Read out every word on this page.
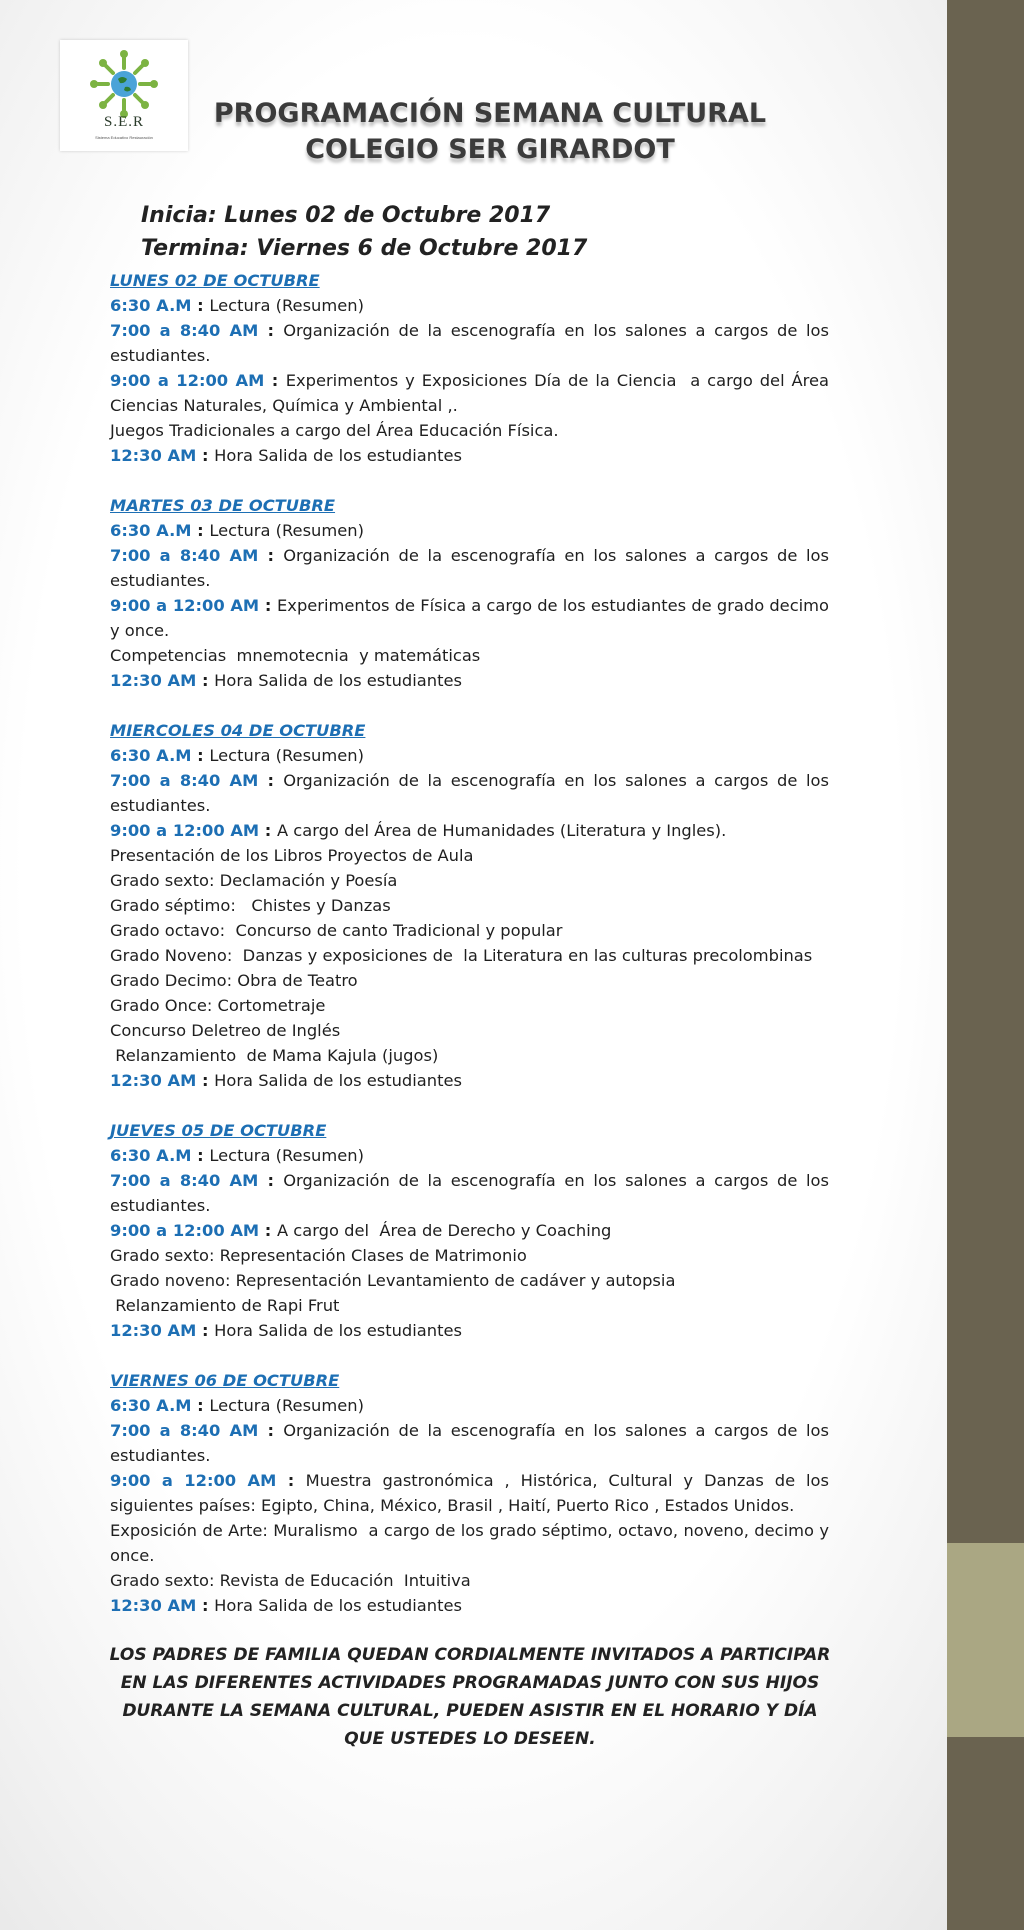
S.E.R
Sistema Educativo Restauración
PROGRAMACIÓN SEMANA CULTURAL
COLEGIO SER GIRARDOT
Inicia: Lunes 02 de Octubre 2017
Termina: Viernes 6 de Octubre 2017
LUNES 02 DE OCTUBRE
6:30 A.M : Lectura (Resumen)
7:00 a 8:40 AM : Organización de la escenografía en los salones a cargos de los estudiantes.
9:00 a 12:00 AM : Experimentos y Exposiciones Día de la Ciencia  a cargo del Área Ciencias Naturales, Química y Ambiental ,.
Juegos Tradicionales a cargo del Área Educación Física.
12:30 AM : Hora Salida de los estudiantes
MARTES 03 DE OCTUBRE
6:30 A.M : Lectura (Resumen)
7:00 a 8:40 AM : Organización de la escenografía en los salones a cargos de los estudiantes.
9:00 a 12:00 AM : Experimentos de Física a cargo de los estudiantes de grado decimo y once.
Competencias  mnemotecnia  y matemáticas
12:30 AM : Hora Salida de los estudiantes
MIERCOLES 04 DE OCTUBRE
6:30 A.M : Lectura (Resumen)
7:00 a 8:40 AM : Organización de la escenografía en los salones a cargos de los estudiantes.
9:00 a 12:00 AM : A cargo del Área de Humanidades (Literatura y Ingles).
Presentación de los Libros Proyectos de Aula
Grado sexto: Declamación y Poesía
Grado séptimo:   Chistes y Danzas
Grado octavo:  Concurso de canto Tradicional y popular
Grado Noveno:  Danzas y exposiciones de  la Literatura en las culturas precolombinas
Grado Decimo: Obra de Teatro
Grado Once: Cortometraje
Concurso Deletreo de Inglés
Relanzamiento  de Mama Kajula (jugos)
12:30 AM : Hora Salida de los estudiantes
JUEVES 05 DE OCTUBRE
6:30 A.M : Lectura (Resumen)
7:00 a 8:40 AM : Organización de la escenografía en los salones a cargos de los estudiantes.
9:00 a 12:00 AM : A cargo del  Área de Derecho y Coaching
Grado sexto: Representación Clases de Matrimonio
Grado noveno: Representación Levantamiento de cadáver y autopsia
Relanzamiento de Rapi Frut
12:30 AM : Hora Salida de los estudiantes
VIERNES 06 DE OCTUBRE
6:30 A.M : Lectura (Resumen)
7:00 a 8:40 AM : Organización de la escenografía en los salones a cargos de los estudiantes.
9:00 a 12:00 AM : Muestra gastronómica , Histórica, Cultural y Danzas de los siguientes países: Egipto, China, México, Brasil , Haití, Puerto Rico , Estados Unidos.
Exposición de Arte: Muralismo  a cargo de los grado séptimo, octavo, noveno, decimo y once.
Grado sexto: Revista de Educación  Intuitiva
12:30 AM : Hora Salida de los estudiantes
LOS PADRES DE FAMILIA QUEDAN CORDIALMENTE INVITADOS A PARTICIPAR
EN LAS DIFERENTES ACTIVIDADES PROGRAMADAS JUNTO CON SUS HIJOS
DURANTE LA SEMANA CULTURAL, PUEDEN ASISTIR EN EL HORARIO Y DÍA
QUE USTEDES LO DESEEN.
